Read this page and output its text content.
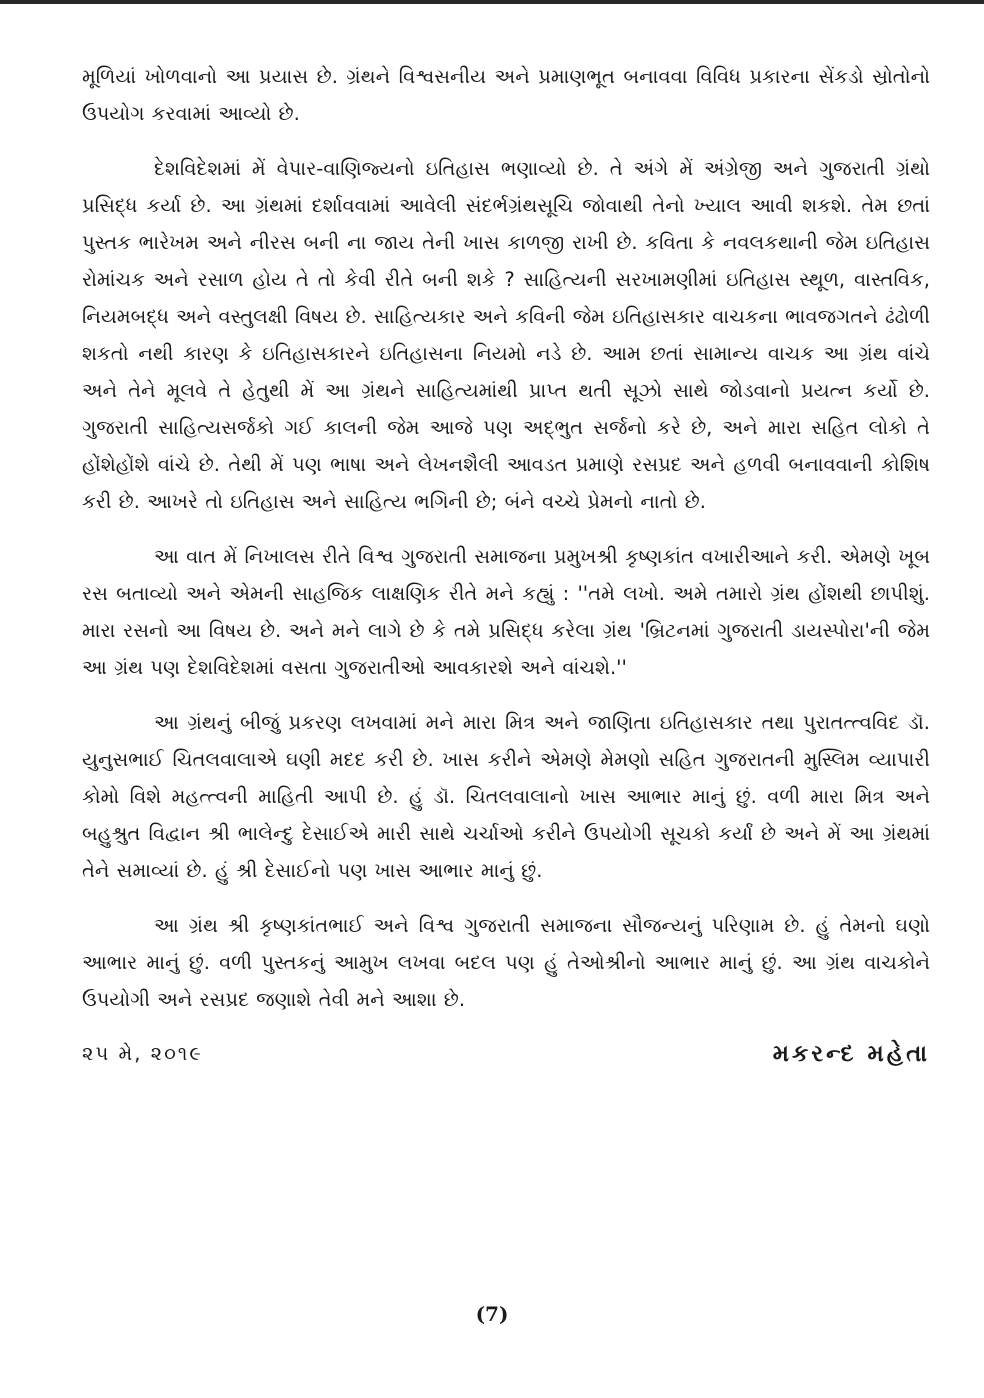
મૂળિયાં ખોળવાનો આ પ્રયાસ છે. ગ્રંથને વિશ્વસનીય અને પ્રમાણભૂત બનાવવા વિવિધ પ્રકારના સેંકડો સ્રોતોનો ઉપયોગ કરવામાં આવ્યો છે.

દેશવિદેશમાં મેં વેપાર-વાણિજ્યનો ઇતિહાસ ભણાવ્યો છે. તે અંગે મેં અંગ્રેજી અને ગુજરાતી ગ્રંથો પ્રસિદ્ધ કર્યા છે. આ ગ્રંથમાં દર્શાવવામાં આવેલી સંદર્ભગ્રંથસૂચિ જોવાથી તેનો ખ્યાલ આવી શકશે. તેમ છતાં પુસ્તક ભારેખમ અને નીરસ બની ના જાય તેની ખાસ કાળજી રાખી છે. કવિતા કે નવલકથાની જેમ ઇતિહાસ રોમાંચક અને રસાળ હોય તે તો કેવી રીતે બની શકે ? સાહિત્યની સરખામણીમાં ઇતિહાસ સ્થૂળ, વાસ્તવિક, નિયમબદ્ધ અને વસ્તુલક્ષી વિષય છે. સાહિત્યકાર અને કવિની જેમ ઇતિહાસકાર વાચકના ભાવજગતને ઢંઢોળી શકતો નથી કારણ કે ઇતિહાસકારને ઇતિહાસના નિયમો નડે છે. આમ છતાં સામાન્ય વાચક આ ગ્રંથ વાંચે અને તેને મૂલવે તે હેતુથી મેં આ ગ્રંથને સાહિત્યમાંથી પ્રાપ્ત થતી સૂઝો સાથે જોડવાનો પ્રયત્ન કર્યો છે. ગુજરાતી સાહિત્યસર્જકો ગઈ કાલની જેમ આજે પણ અદ્ભુત સર્જનો કરે છે, અને મારા સહિત લોકો તે હોંશેહોંશે વાંચે છે. તેથી મેં પણ ભાષા અને લેખનશૈલી આવડત પ્રમાણે રસપ્રદ અને હળવી બનાવવાની કોશિષ કરી છે. આખરે તો ઇતિહાસ અને સાહિત્ય ભગિની છે; બંને વચ્ચે પ્રેમનો નાતો છે.

આ વાત મેં નિખાલસ રીતે વિશ્વ ગુજરાતી સમાજના પ્રમુખશ્રી કૃષ્ણકાંત વખારીઆને કરી. એમણે ખૂબ રસ બતાવ્યો અને એમની સાહજિક લાક્ષણિક રીતે મને કહ્યું : ''તમે લખો. અમે તમારો ગ્રંથ હોંશથી છાપીશું. મારા રસનો આ વિષય છે. અને મને લાગે છે કે તમે પ્રસિદ્ધ કરેલા ગ્રંથ 'બ્રિટનમાં ગુજરાતી ડાયસ્પોરા'ની જેમ આ ગ્રંથ પણ દેશવિદેશમાં વસતા ગુજરાતીઓ આવકારશે અને વાંચશે.''

આ ગ્રંથનું બીજું પ્રકરણ લખવામાં મને મારા મિત્ર અને જાણિતા ઇતિહાસકાર તથા પુરાતત્ત્વવિદ ડૉ. યુનુસભાઈ ચિતલવાલાએ ઘણી મદદ કરી છે. ખાસ કરીને એમણે મેમણો સહિત ગુજરાતની મુસ્લિમ વ્યાપારી કોમો વિશે મહત્ત્વની માહિતી આપી છે. હું ડૉ. ચિતલવાલાનો ખાસ આભાર માનું છું. વળી મારા મિત્ર અને બહુશ્રુત વિદ્વાન શ્રી ભાલેન્દુ દેસાઈએ મારી સાથે ચર્ચાઓ કરીને ઉપયોગી સૂચકો કર્યાં છે અને મેં આ ગ્રંથમાં તેને સમાવ્યાં છે. હું શ્રી દેસાઈનો પણ ખાસ આભાર માનું છું.

આ ગ્રંથ શ્રી કૃષ્ણકાંતભાઈ અને વિશ્વ ગુજરાતી સમાજના સૌજન્યનું પરિણામ છે. હું તેમનો ઘણો આભાર માનું છું. વળી પુસ્તકનું આમુખ લખવા બદલ પણ હું તેઓશ્રીનો આભાર માનું છું. આ ગ્રંથ વાચકોને ઉપયોગી અને રસપ્રદ જણાશે તેવી મને આશા છે.

૨૫ મે, ૨૦૧૯	મકરન્દ મહેતા
(7)
